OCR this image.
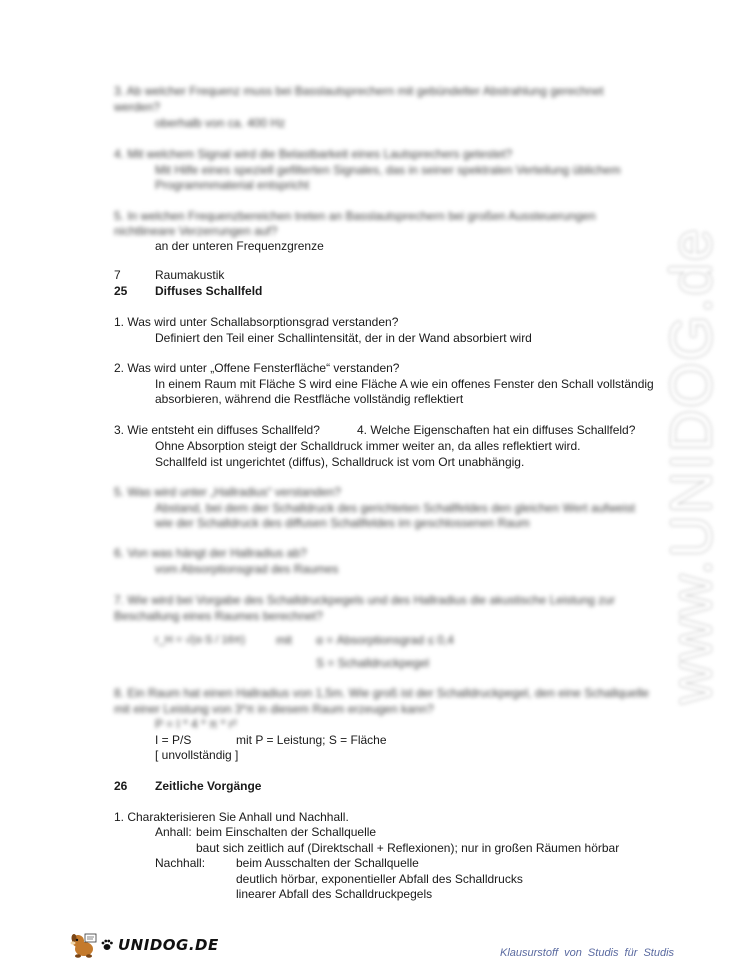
3. Ab welcher Frequenz muss bei Basslautsprechern mit gebündelter Abstrahlung gerechnet
werden?
oberhalb von ca. 400 Hz
4. Mit welchem Signal wird die Belastbarkeit eines Lautsprechers getestet?
Mit Hilfe eines speziell gefilterten Signales, das in seiner spektralen Verteilung üblichem
Programmmaterial entspricht
5. In welchen Frequenzbereichen treten an Basslautsprechern bei großen Aussteuerungen
nichtlineare Verzerrungen auf?
an der unteren Frequenzgrenze
7	Raumakustik
25 Diffuses Schallfeld
1. Was wird unter Schallabsorptionsgrad verstanden?
Definiert den Teil einer Schallintensität, der in der Wand absorbiert wird
2. Was wird unter „Offene Fensterfläche“ verstanden?
In einem Raum mit Fläche S wird eine Fläche A wie ein offenes Fenster den Schall vollständig
absorbieren, während die Restfläche vollständig reflektiert
3. Wie entsteht ein diffuses Schallfeld?	4. Welche Eigenschaften hat ein diffuses Schallfeld?
Ohne Absorption steigt der Schalldruck immer weiter an, da alles reflektiert wird.
Schallfeld ist ungerichtet (diffus), Schalldruck ist vom Ort unabhängig.
5. Was wird unter „Hallradius“ verstanden?
Abstand, bei dem der Schalldruck des gerichteten Schallfeldes den gleichen Wert aufweist
wie der Schalldruck des diffusen Schallfeldes im geschlossenen Raum
6. Von was hängt der Hallradius ab?
vom Absorptionsgrad des Raumes
7. Wie wird bei Vorgabe des Schalldruckpegels und des Hallradius die akustische Leistung zur
Beschallung eines Raumes berechnet?
r_H = √(α·S / 16π)	mit α = Absorptionsgrad ≤ 0,4
S = Schalldruckpegel
8. Ein Raum hat einen Hallradius von 1,5m. Wie groß ist der Schalldruckpegel, den eine Schallquelle
mit einer Leistung von 3*π in diesem Raum erzeugen kann?
P = I * 4 * π * r²
I = P/S	mit P = Leistung; S = Fläche
[ unvollständig ]
26 Zeitliche Vorgänge
1. Charakterisieren Sie Anhall und Nachhall.
Anhall: beim Einschalten der Schallquelle
baut sich zeitlich auf (Direktschall + Reflexionen); nur in großen Räumen hörbar
Nachhall:	beim Ausschalten der Schallquelle
deutlich hörbar, exponentieller Abfall des Schalldrucks
linearer Abfall des Schalldruckpegels
www.UNIDOG.de
UNIDOG.DE	Klausurstoff von Studis für Studis
